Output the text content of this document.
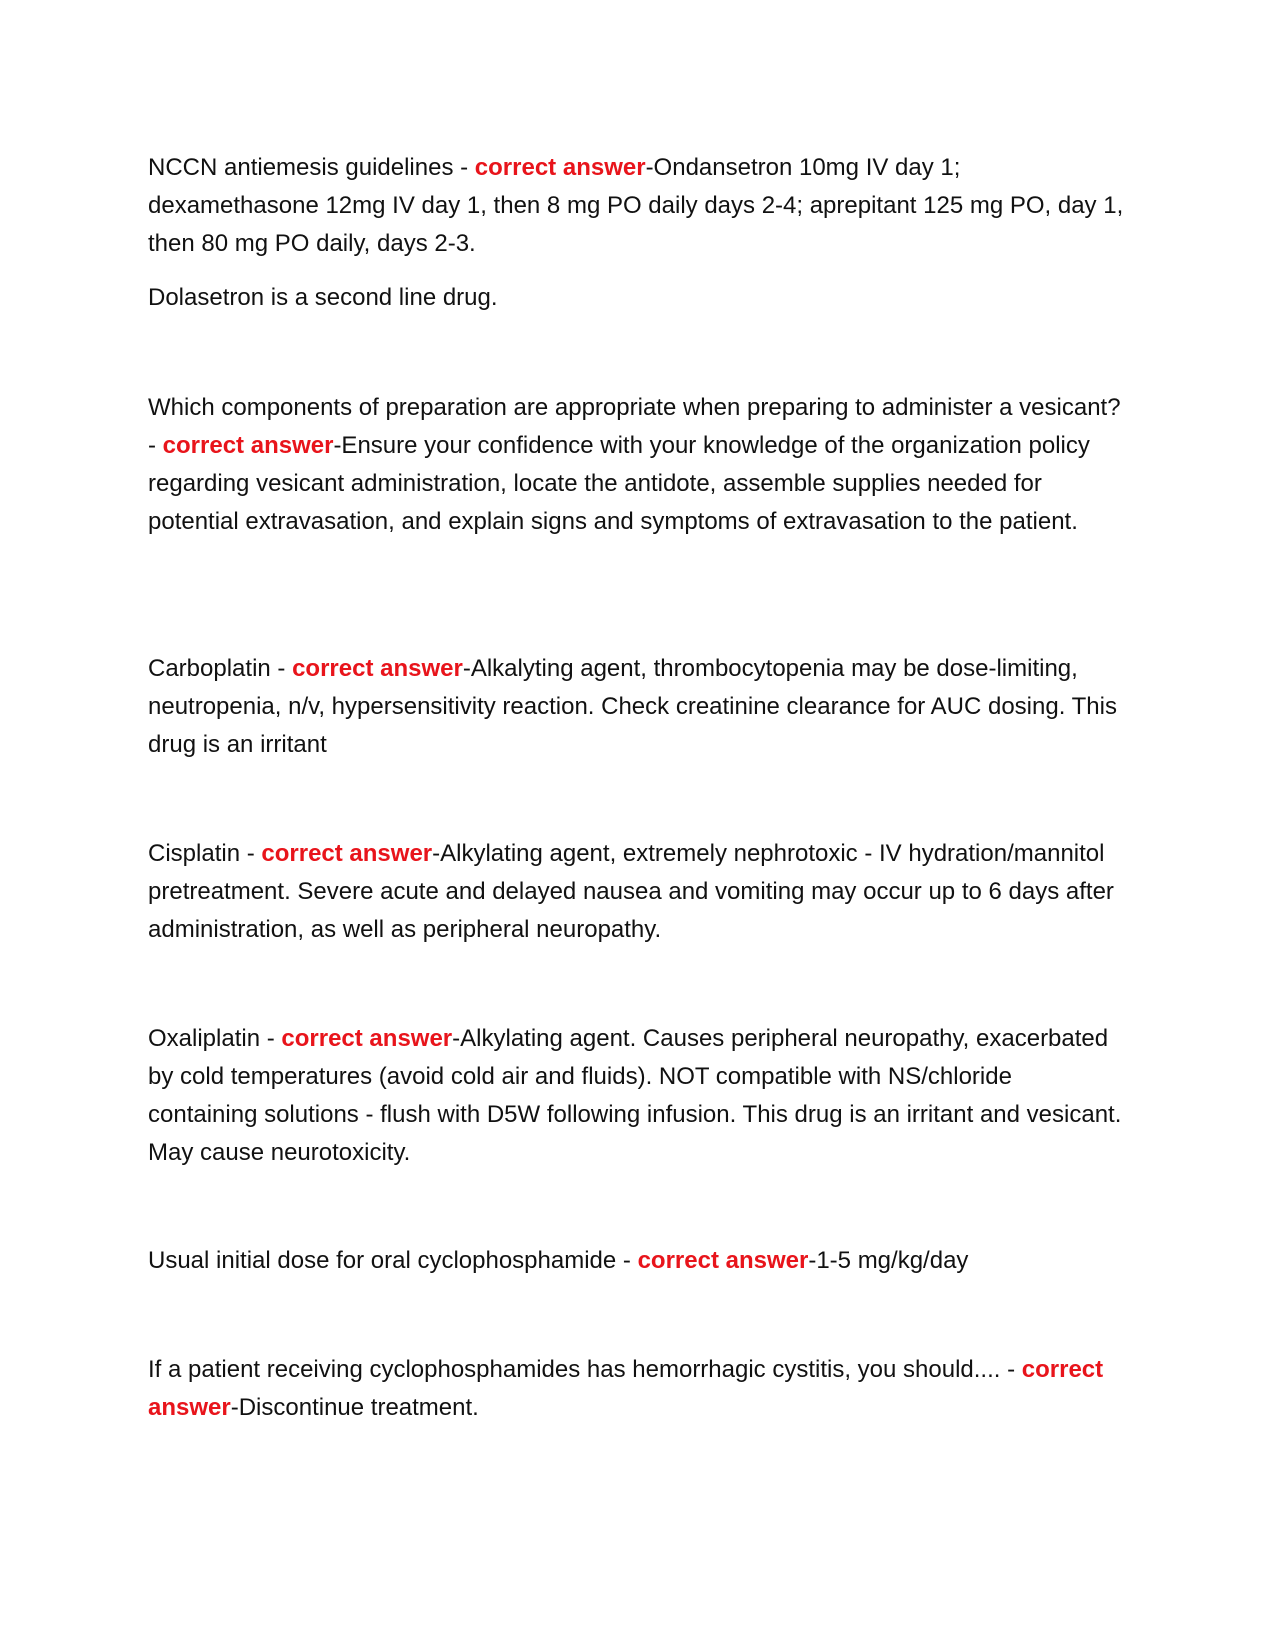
NCCN antiemesis guidelines - correct answer-Ondansetron 10mg IV day 1; dexamethasone 12mg IV day 1, then 8 mg PO daily days 2-4; aprepitant 125 mg PO, day 1, then 80 mg PO daily, days 2-3.

Dolasetron is a second line drug.

Which components of preparation are appropriate when preparing to administer a vesicant? - correct answer-Ensure your confidence with your knowledge of the organization policy regarding vesicant administration, locate the antidote, assemble supplies needed for potential extravasation, and explain signs and symptoms of extravasation to the patient.

Carboplatin - correct answer-Alkalyting agent, thrombocytopenia may be dose-limiting, neutropenia, n/v, hypersensitivity reaction. Check creatinine clearance for AUC dosing. This drug is an irritant

Cisplatin - correct answer-Alkylating agent, extremely nephrotoxic - IV hydration/mannitol pretreatment. Severe acute and delayed nausea and vomiting may occur up to 6 days after administration, as well as peripheral neuropathy.

Oxaliplatin - correct answer-Alkylating agent. Causes peripheral neuropathy, exacerbated by cold temperatures (avoid cold air and fluids). NOT compatible with NS/chloride containing solutions - flush with D5W following infusion. This drug is an irritant and vesicant. May cause neurotoxicity.

Usual initial dose for oral cyclophosphamide - correct answer-1-5 mg/kg/day

If a patient receiving cyclophosphamides has hemorrhagic cystitis, you should.... - correct answer-Discontinue treatment.
